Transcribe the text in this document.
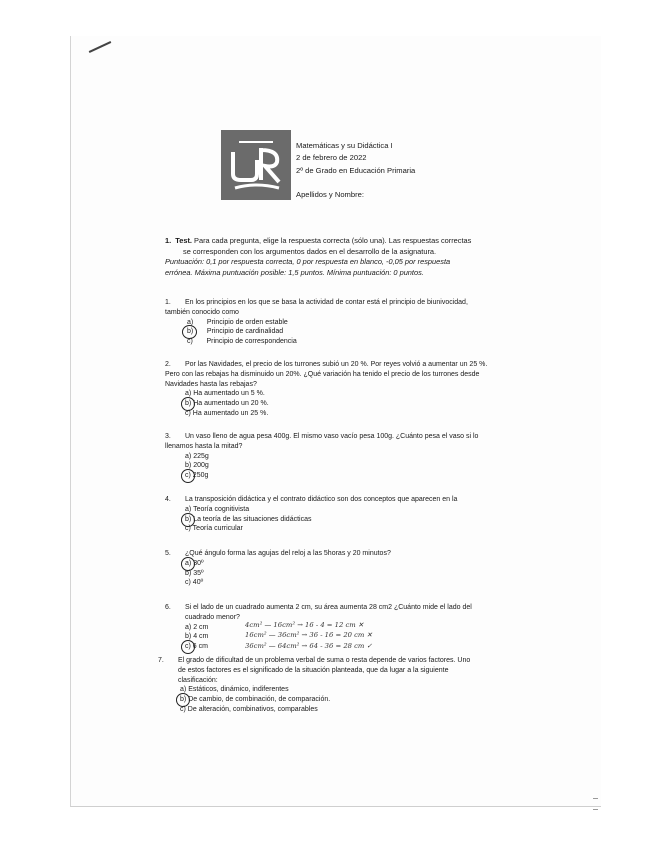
Matemáticas y su Didáctica I
2 de febrero de 2022
2º de Grado en Educación Primaria
Apellidos y Nombre:
1. Test. Para cada pregunta, elige la respuesta correcta (sólo una). Las respuestas correctas
se corresponden con los argumentos dados en el desarrollo de la asignatura.
Puntuación: 0,1 por respuesta correcta, 0 por respuesta en blanco, -0,05 por respuesta
errónea. Máxima puntuación posible: 1,5 puntos. Mínima puntuación: 0 puntos.
1. En los principios en los que se basa la actividad de contar está el principio de biunivocidad,
también conocido como
a) Principio de orden estable
b) Principio de cardinalidad
c) Principio de correspondencia
2. Por las Navidades, el precio de los turrones subió un 20 %. Por reyes volvió a aumentar un 25 %.
Pero con las rebajas ha disminuido un 20%. ¿Qué variación ha tenido el precio de los turrones desde
Navidades hasta las rebajas?
a) Ha aumentado un 5 %.
b) Ha aumentado un 20 %.
c) Ha aumentado un 25 %.
3. Un vaso lleno de agua pesa 400g. El mismo vaso vacío pesa 100g. ¿Cuánto pesa el vaso si lo
llenamos hasta la mitad?
a) 225g
b) 200g
c) 250g
4. La transposición didáctica y el contrato didáctico son dos conceptos que aparecen en la
a) Teoría cognitivista
b) La teoría de las situaciones didácticas
c) Teoría curricular
5. ¿Qué ángulo forma las agujas del reloj a las 5horas y 20 minutos?
a) 30º
b) 35º
c) 40º
6. Si el lado de un cuadrado aumenta 2 cm, su área aumenta 28 cm2 ¿Cuánto mide el lado del
cuadrado menor?
a) 2 cm
b) 4 cm
c) 6 cm
4cm² — 16cm² → 16 - 4 = 12 cm ✕
16cm² — 36cm² → 36 - 16 = 20 cm ✕
36cm² — 64cm² → 64 - 36 = 28 cm ✓
7. El grado de dificultad de un problema verbal de suma o resta depende de varios factores. Uno
de estos factores es el significado de la situación planteada, que da lugar a la siguiente
clasificación:
a) Estáticos, dinámico, indiferentes
b) De cambio, de combinación, de comparación.
c) De alteración, combinativos, comparables
